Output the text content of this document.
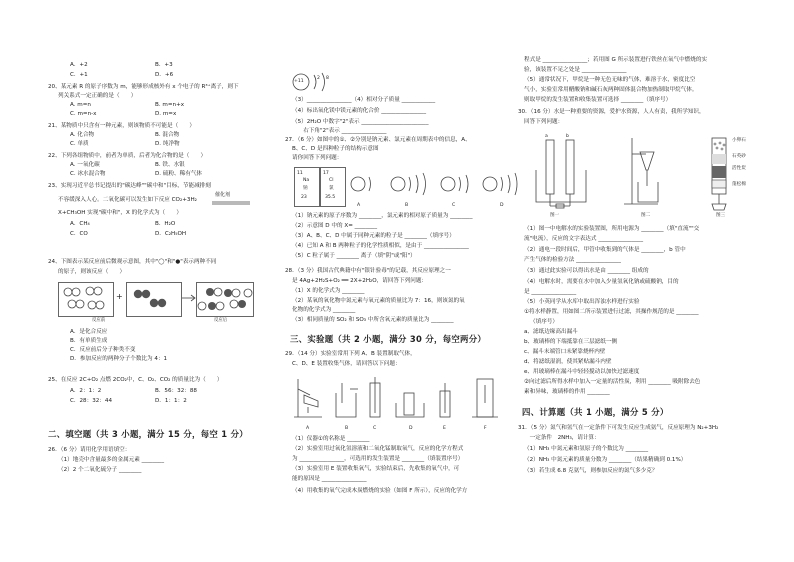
A．+2	B．+3
C．+1	D．+6
20、某元素 R 的原子序数为 m，能够形成核外有 x 个电子的 R³⁺离子，则下
列关系式一定正确的是（　　）
A. m=n	B. m=n+x
C. m=n-x	D. m=x
21、某物质中只含有一种元素，则该物质不可能是（　　）
A. 化合物	B. 混合物
C. 单质	D. 纯净物
22、下列各组物质中，前者为单质，后者为化合物的是（　　）
A. 一氧化碳	B. 铁、水银
C. 冰水混合物	D. 硫粉、稀有气体
23、实现习近平总书记提出的"碳达峰""碳中和"目标，节能减排刻
催化剂
不容缓深入人心。二氧化碳可以发生如下反应 CO₂+3H₂
X+CH₃OH 实现"碳中和"，X 的化学式为（　　）
A．CH₄	B．H₂O
C．CO	D．C₂H₅OH
24、下图表示某反应前后微观示意图，其中"◯"和"●"表示两种不同
的原子，则该反应（　　）
+
反应前	反应后
A．是化合反应
B．有单质生成
C．反应前后分子种类不变
D．参加反应的两种分子个数比为 4：1
25、在反应 2C+O₂ 点燃 2CO₂中，C、O₂、CO₂ 的质量比为（　　）
A．2：1：2	B．56：32：88
C．28：32：44	D．1：1：2
二、填空题（共 3 小题，满分 15 分，每空 1 分）
26．（6 分）请用化学用语填空：
（1）地壳中含量最多的金属元素 ________
（2）2 个二氧化硫分子 ________
+11
2 8
（3）________________（4）相对分子质量 ____________
（4）标出氧化镁中镁元素的化合价 ________________
（5）2H₂O 中数字"2"表示 ________________________
　　右下角"2"表示 ________________
27．（6 分）如图中的①、②分别是钠元素、氯元素在周期表中的信息，A、
B、C、D 是四种粒子的结构示意图
请你回答下列问题：
11
Na
钠
23
17
Cl
氯
35.5
A	B	C	D
（1）钠元素的原子序数为 ________，氯元素的相对原子质量为 ________
（2）示意图 D 中的 X= ________
（3）A、B、C、D 中属于同种元素的粒子是 ________（填序号）
（4）已知 A 和 B 两种粒子的化学性质相似，是由于 ________________
（5）C 粒子属于 ________ 离子（填"阴"或"阳"）
28．（3 分）我国古代典籍中有"银针验毒"的记载，其反应原理之一
是 4Ag+2H₂S+O₂ ══ 2X+2H₂O，请回答下列问题：
（1）X 的化学式为 ________
（2）某氧的氧化物中氮元素与氧元素的质量比为 7：16，则该氮的氧
化物的化学式为 ________
（3）相同质量的 SO₂ 和 SO₃ 中所含氧元素的质量比为 ________
三、实验题（共 2 小题，满分 30 分，每空两分）
29．（14 分）实验室常用下列 A、B 装置制取气体，
C、D、E 装置收集气体，请回答以下问题：
A	B	C	D	E	F
（1）仪器①的名称是 ________
（2）实验室用过氧化氢溶液和二氧化锰制取氧气，反应的化学方程式
为 ________________，可选用的发生装置是 ________（填装置序号）
（3）实验室用 E 装置收集氧气，实验结束后，先收集的氧气中，可
能的原因是 ________________
（4）用收集的氧气完成木炭燃烧的实验（如图 F 所示），反应的化学方
程式是 ________________；若用图 G 所示装置进行铁丝在氧气中燃烧的实
验，该装置不足之处是 ________________
（5）通常状况下，甲烷是一种无色无味的气体，难溶于水，密度比空
气小，实验室常用醋酸钠和碱石灰两种固体混合物加热制取甲烷气体。
则取甲烷的发生装置和收集装置可选择 ________（填序号）
30．（16 分）水是一种重要的资源，爱护水资源，人人有责，我所学知识，
回答下列问题：
a	b
小卵石
石英砂
活性炭
蓬松棉
图一	图二	图三
（1）图一中电解水的实验装置图，所用电源为 ________（填"直流""交
流"电流），反应的文字表达式 ________________
（2）通电一段时间后，甲管中收集到的气体是 ________，b 管中
产生气体的检验方法 ________________
（3）通过此实验可以得出水是由 ________ 组成的
（4）电解水时，需要在水中加入少量氢氧化钠或硫酸钠，目的
是 ________________
（5）小英同学从水库中取出浑浊水样进行实验
①将水样静置，用如图二所示装置进行过滤，其操作规范的是 ________
（填序号）
a、滤纸边缘高出漏斗
b、玻璃棒的下端抵靠在三层滤纸一侧
c、漏斗末端管口未紧靠烧杯内壁
d、将滤纸湿润，使其紧贴漏斗内壁
e、用玻璃棒在漏斗中轻轻搅动以加快过滤速度
②向过滤后所得水样中加入一定量的活性炭，利用 ________ 吸附除去色
素和异味，玻璃棒的作用 ________
四、计算题（共 1 小题，满分 5 分）
31．（5 分）氮气和氢气在一定条件下可发生反应生成氨气，反应原理为 N₂+3H₂
　一定条件　2NH₃，请计算：
（1）NH₃ 中氮元素和氢原子的个数比为 ________
（2）NH₃ 中氮元素的质量分数为 ________（结果精确到 0.1%）
（3）若生成 6.8 克氨气，则参加反应的氮气多少克？
